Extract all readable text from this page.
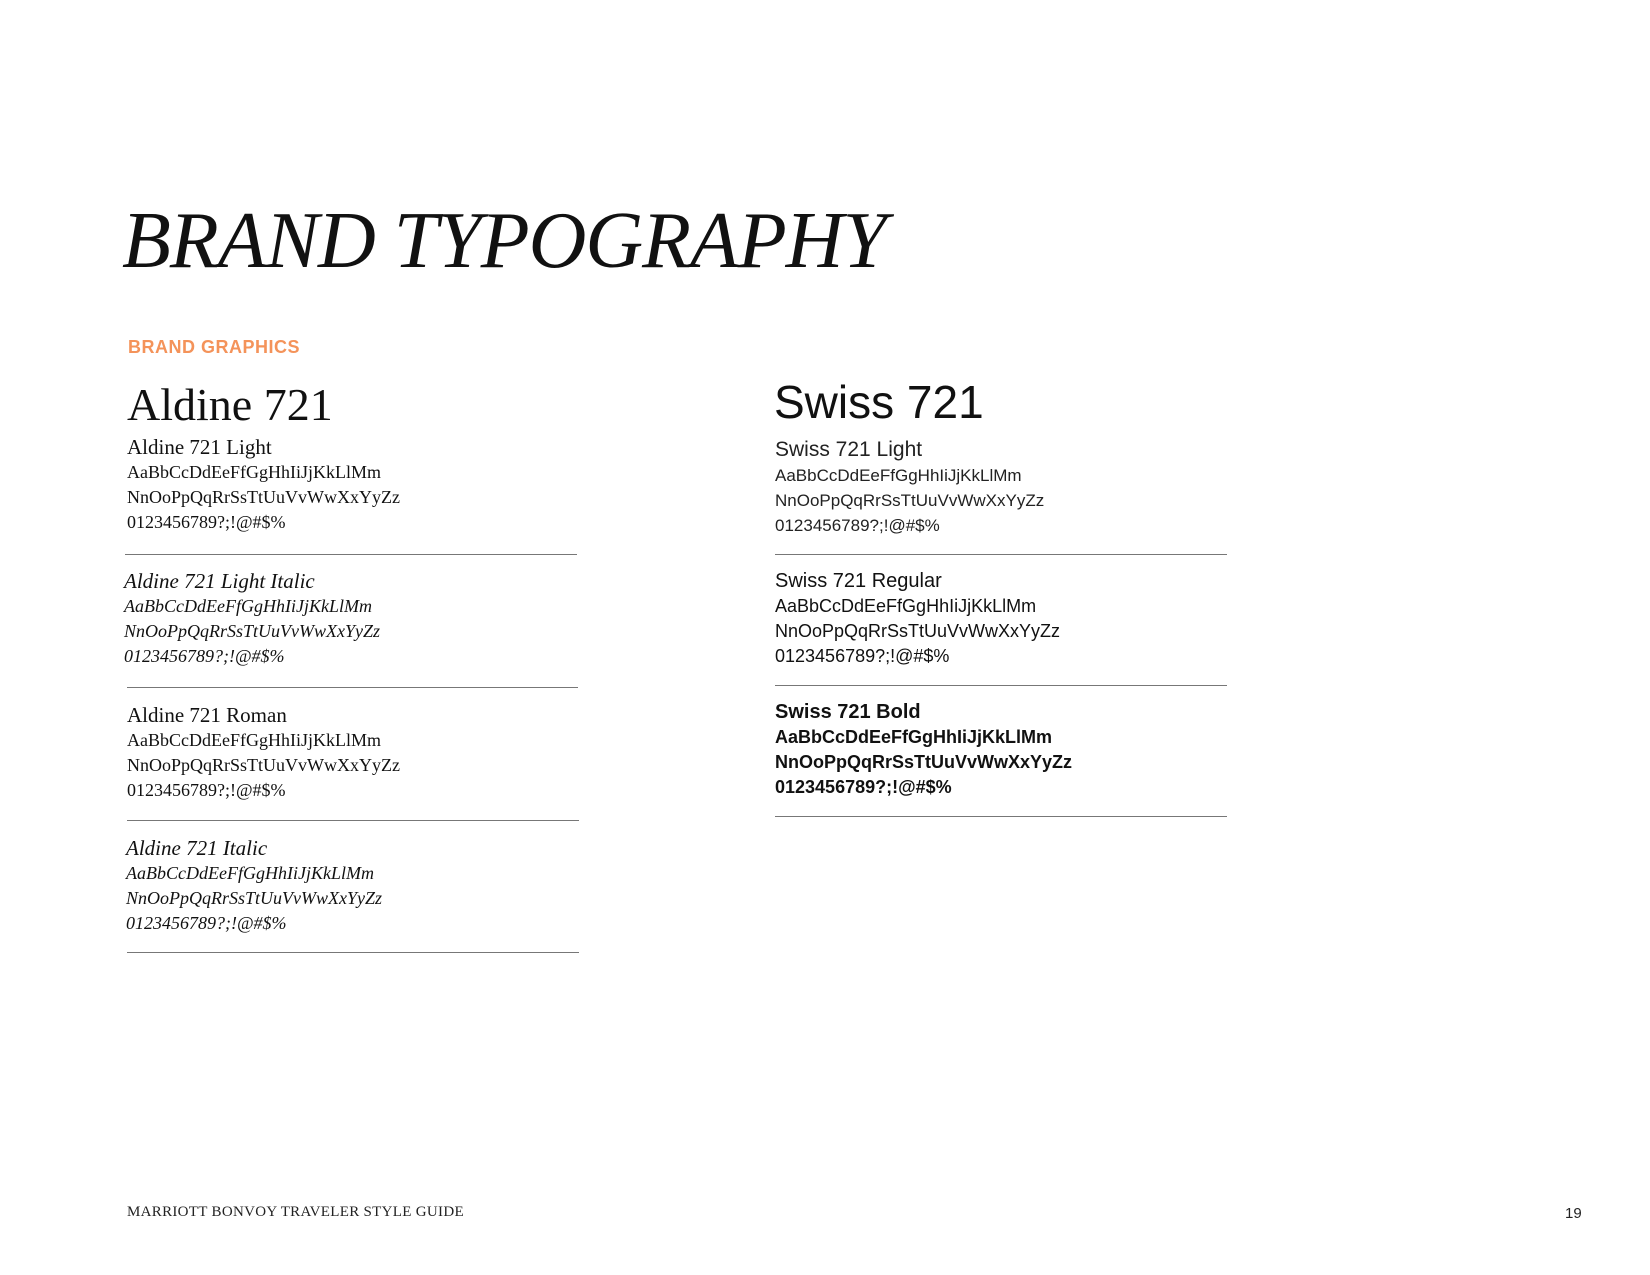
BRAND TYPOGRAPHY
BRAND GRAPHICS
Aldine 721
Aldine 721 Light
AaBbCcDdEeFfGgHhIiJjKkLlMm
NnOoPpQqRrSsTtUuVvWwXxYyZz
0123456789?;!@#$%
Aldine 721 Light Italic
AaBbCcDdEeFfGgHhIiJjKkLlMm
NnOoPpQqRrSsTtUuVvWwXxYyZz
0123456789?;!@#$%
Aldine 721 Roman
AaBbCcDdEeFfGgHhIiJjKkLlMm
NnOoPpQqRrSsTtUuVvWwXxYyZz
0123456789?;!@#$%
Aldine 721 Italic
AaBbCcDdEeFfGgHhIiJjKkLlMm
NnOoPpQqRrSsTtUuVvWwXxYyZz
0123456789?;!@#$%
Swiss 721
Swiss 721 Light
AaBbCcDdEeFfGgHhIiJjKkLlMm
NnOoPpQqRrSsTtUuVvWwXxYyZz
0123456789?;!@#$%
Swiss 721 Regular
AaBbCcDdEeFfGgHhIiJjKkLlMm
NnOoPpQqRrSsTtUuVvWwXxYyZz
0123456789?;!@#$%
Swiss 721 Bold
AaBbCcDdEeFfGgHhIiJjKkLlMm
NnOoPpQqRrSsTtUuVvWwXxYyZz
0123456789?;!@#$%
MARRIOTT BONVOY TRAVELER STYLE GUIDE	19
